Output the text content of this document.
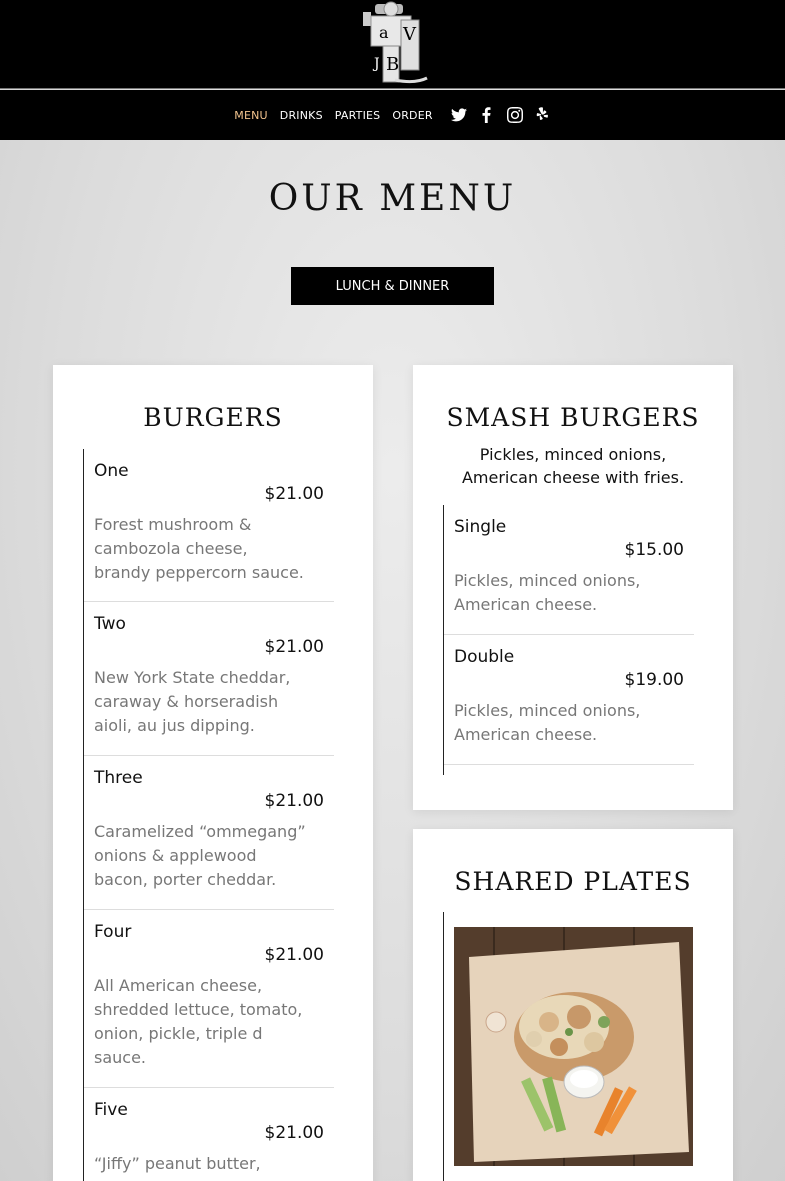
a V
B
J
MENU DRINKS PARTIES ORDER
OUR MENU
LUNCH & DINNER
BURGERS
One
$21.00
Forest mushroom &
cambozola cheese,
brandy peppercorn sauce.
Two
$21.00
New York State cheddar,
caraway & horseradish
aioli, au jus dipping.
Three
$21.00
Caramelized “ommegang”
onions & applewood
bacon, porter cheddar.
Four
$21.00
All American cheese,
shredded lettuce, tomato,
onion, pickle, triple d
sauce.
Five
$21.00
“Jiffy” peanut butter,
SMASH BURGERS
Pickles, minced onions,
American cheese with fries.
Single
$15.00
Pickles, minced onions,
American cheese.
Double
$19.00
Pickles, minced onions,
American cheese.
SHARED PLATES
